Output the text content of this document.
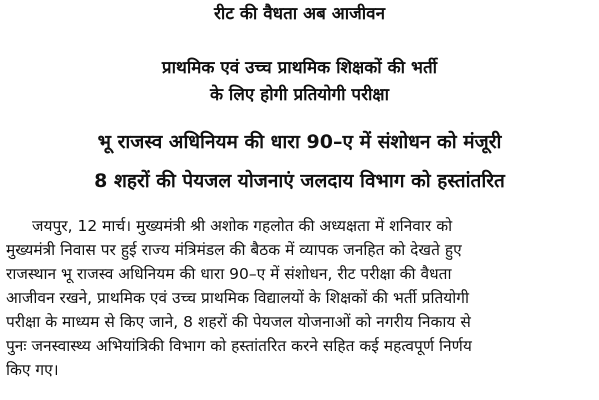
रीट की वैधता अब आजीवन
प्राथमिक एवं उच्च प्राथमिक शिक्षकों की भर्ती
के लिए होगी प्रतियोगी परीक्षा
भू राजस्व अधिनियम की धारा 90–ए में संशोधन को मंजूरी
8 शहरों की पेयजल योजनाएं जलदाय विभाग को हस्तांतरित

जयपुर, 12 मार्च। मुख्यमंत्री श्री अशोक गहलोत की अध्यक्षता में शनिवार को
मुख्यमंत्री निवास पर हुई राज्य मंत्रिमंडल की बैठक में व्यापक जनहित को देखते हुए
राजस्थान भू राजस्व अधिनियम की धारा 90–ए में संशोधन, रीट परीक्षा की वैधता
आजीवन रखने, प्राथमिक एवं उच्च प्राथमिक विद्यालयों के शिक्षकों की भर्ती प्रतियोगी
परीक्षा के माध्यम से किए जाने, 8 शहरों की पेयजल योजनाओं को नगरीय निकाय से
पुनः जनस्वास्थ्य अभियांत्रिकी विभाग को हस्तांतरित करने सहित कई महत्वपूर्ण निर्णय
किए गए।
